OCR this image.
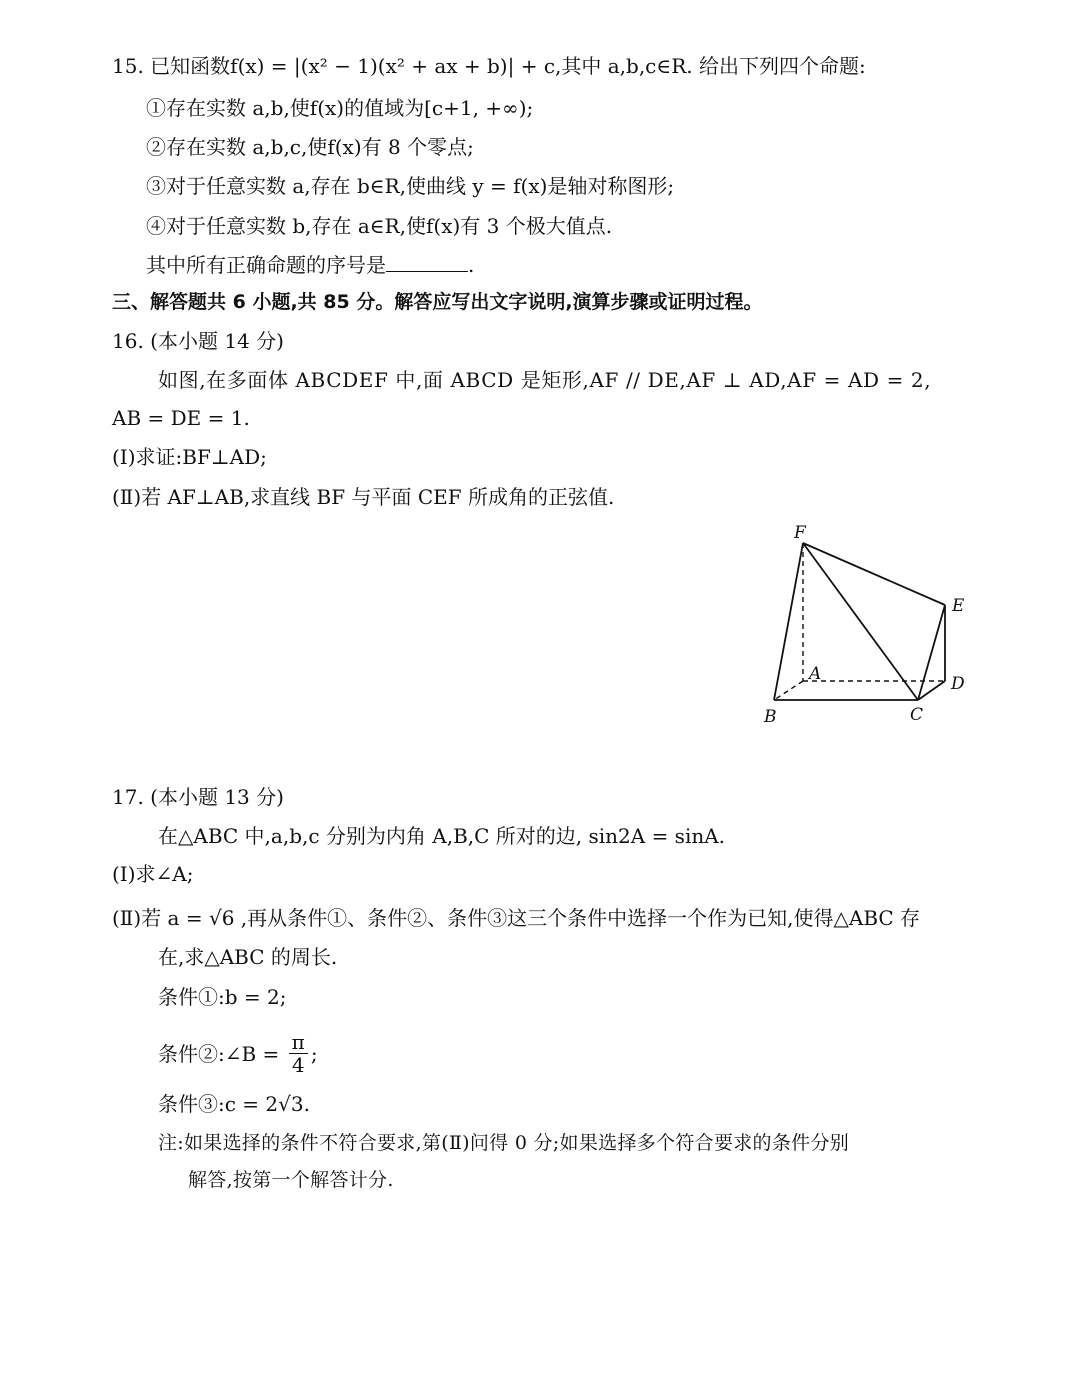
15. 已知函数f(x) = |(x² − 1)(x² + ax + b)| + c,其中 a,b,c∈R. 给出下列四个命题:
①存在实数 a,b,使f(x)的值域为[c+1, +∞);
②存在实数 a,b,c,使f(x)有 8 个零点;
③对于任意实数 a,存在 b∈R,使曲线 y = f(x)是轴对称图形;
④对于任意实数 b,存在 a∈R,使f(x)有 3 个极大值点.
其中所有正确命题的序号是	.
三、解答题共 6 小题,共 85 分。解答应写出文字说明,演算步骤或证明过程。
16. (本小题 14 分)
如图,在多面体 ABCDEF 中,面 ABCD 是矩形,AF // DE,AF ⊥ AD,AF = AD = 2,
AB = DE = 1.
(Ⅰ)求证:BF⊥AD;
(Ⅱ)若 AF⊥AB,求直线 BF 与平面 CEF 所成角的正弦值.
F
E
A	D
B	C
17. (本小题 13 分)
在△ABC 中,a,b,c 分别为内角 A,B,C 所对的边, sin2A = sinA.
(Ⅰ)求∠A;
(Ⅱ)若 a = √6 ,再从条件①、条件②、条件③这三个条件中选择一个作为已知,使得△ABC 存
在,求△ABC 的周长.
条件①:b = 2;
条件②:∠B = $\frac{\pi}{4}$ ;
条件③:c = 2√3.
注:如果选择的条件不符合要求,第(Ⅱ)问得 0 分;如果选择多个符合要求的条件分别
解答,按第一个解答计分.
